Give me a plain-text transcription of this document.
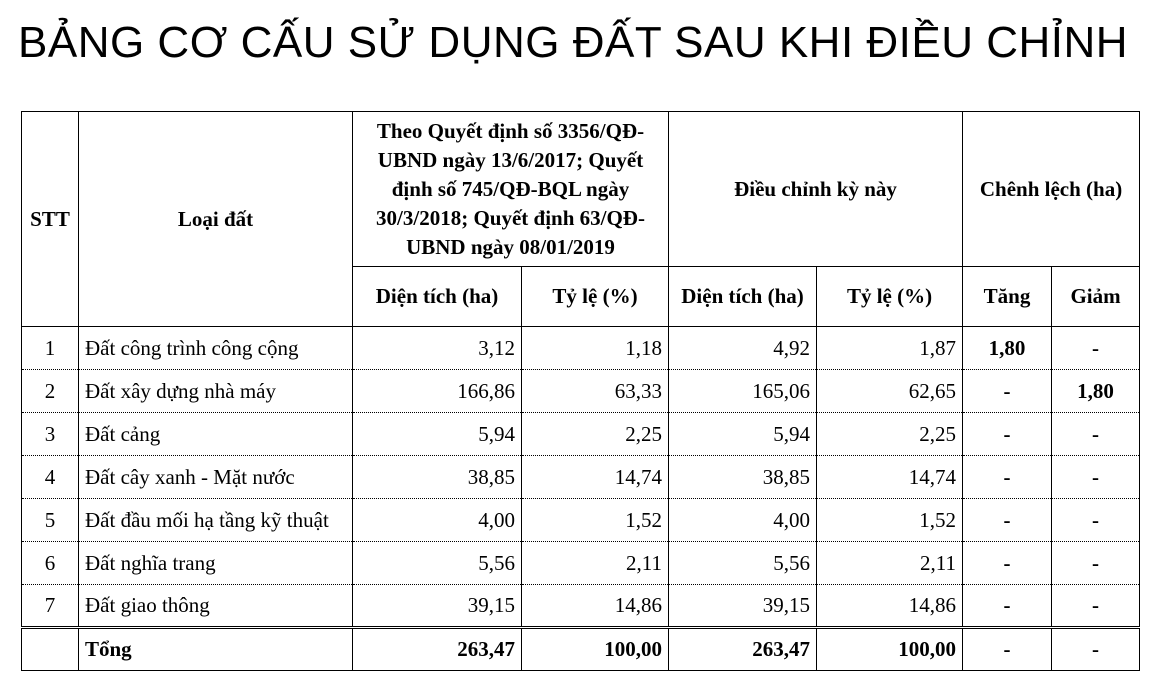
BẢNG CƠ CẤU SỬ DỤNG ĐẤT SAU KHI ĐIỀU CHỈNH
STT	Loại đất	Theo Quyết định số 3356/QĐ-UBND ngày 13/6/2017; Quyết định số 745/QĐ-BQL ngày 30/3/2018; Quyết định 63/QĐ-UBND ngày 08/01/2019		Điều chỉnh kỳ này		Chênh lệch (ha)	
		Diện tích (ha)	Tỷ lệ (%)	Diện tích (ha)	Tỷ lệ (%)	Tăng	Giảm
1	Đất công trình công cộng	3,12	1,18	4,92	1,87	1,80	-
2	Đất xây dựng nhà máy	166,86	63,33	165,06	62,65	-	1,80
3	Đất cảng	5,94	2,25	5,94	2,25	-	-
4	Đất cây xanh - Mặt nước	38,85	14,74	38,85	14,74	-	-
5	Đất đầu mối hạ tầng kỹ thuật	4,00	1,52	4,00	1,52	-	-
6	Đất nghĩa trang	5,56	2,11	5,56	2,11	-	-
7	Đất giao thông	39,15	14,86	39,15	14,86	-	-
	Tổng	263,47	100,00	263,47	100,00	-	-
